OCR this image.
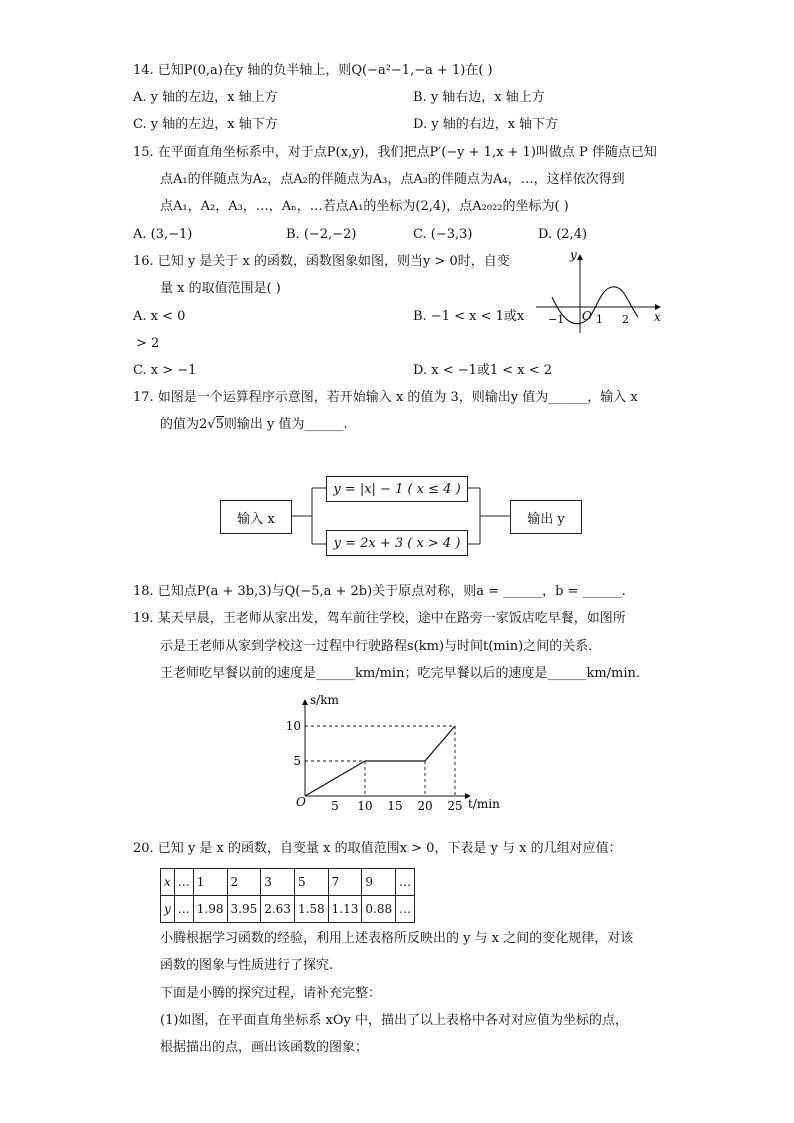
14. 已知P(0,a)在y 轴的负半轴上，则Q(−a²−1,−a + 1)在( )
A. y 轴的左边，x 轴上方	B. y 轴右边，x 轴上方
C. y 轴的左边，x 轴下方	D. y 轴的右边，x 轴下方
15. 在平面直角坐标系中，对于点P(x,y)，我们把点P′(−y + 1,x + 1)叫做点 P 伴随点已知
点A₁的伴随点为A₂，点A₂的伴随点为A₃，点A₃的伴随点为A₄，…，这样依次得到
点A₁，A₂，A₃，…，Aₙ，…若点A₁的坐标为(2,4)，点A₂₀₂₂的坐标为( )
A. (3,−1)	B. (−2,−2)	C. (−3,3)	D. (2,4)
16. 已知 y 是关于 x 的函数，函数图象如图，则当y > 0时，自变
量 x 的取值范围是( )
A. x < 0	B. −1 < x < 1或x
> 2
C. x > −1	D. x < −1或1 < x < 2
y
x
−1 O 1 2
17. 如图是一个运算程序示意图，若开始输入 x 的值为 3，则输出y 值为______，输入 x
的值为2√5则输出 y 值为______.
输入 x
y = |x| − 1 ( x ≤ 4 )
y = 2x + 3 ( x > 4 )
输出 y
18. 已知点P(a + 3b,3)与Q(−5,a + 2b)关于原点对称，则a = ______，b = ______.
19. 某天早晨，王老师从家出发，驾车前往学校，途中在路旁一家饭店吃早餐，如图所
示是王老师从家到学校这一过程中行驶路程s(km)与时间t(min)之间的关系．
王老师吃早餐以前的速度是______km/min；吃完早餐以后的速度是______km/min.
s/km
t/min
O 5 10 15 20 25
5
10
20. 已知 y 是 x 的函数，自变量 x 的取值范围x > 0，下表是 y 与 x 的几组对应值：
x	…	1	2	3	5	7	9	…
y	…	1.98	3.95	2.63	1.58	1.13	0.88	…
小腾根据学习函数的经验，利用上述表格所反映出的 y 与 x 之间的变化规律，对该
函数的图象与性质进行了探究.
下面是小腾的探究过程，请补充完整：
(1)如图，在平面直角坐标系 xOy 中，描出了以上表格中各对对应值为坐标的点，
根据描出的点，画出该函数的图象；
